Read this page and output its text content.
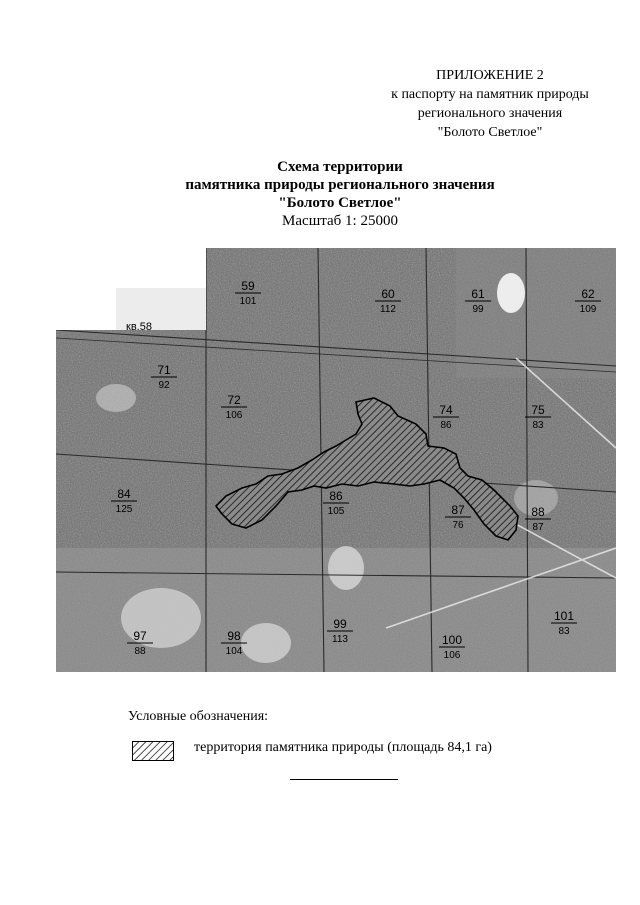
ПРИЛОЖЕНИЕ 2
к паспорту на памятник природы
регионального значения
"Болото Светлое"
Схема территории
памятника природы регионального значения
"Болото Светлое"
Масштаб 1: 25000
кв.58
59
101
60
112
61
99
62
109
71
92
72
106	74
86
75
83
84
125
86
105	87
76
88
87
97
88
98
104
99
113	100
106
101
83
Условные обозначения:
территория памятника природы (площадь 84,1 га)
